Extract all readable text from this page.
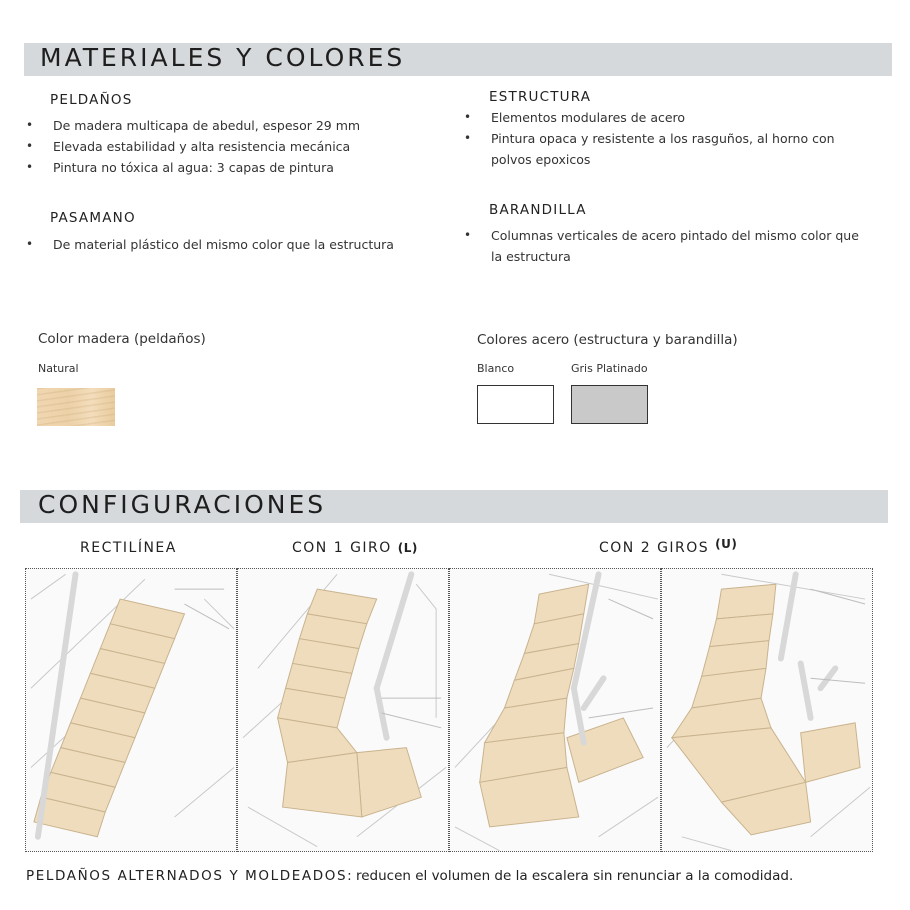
MATERIALES Y COLORES
PELDAÑOS
• De madera multicapa de abedul, espesor 29 mm
• Elevada estabilidad y alta resistencia mecánica
• Pintura no tóxica al agua: 3 capas de pintura
PASAMANO
• De material plástico del mismo color que la estructura
ESTRUCTURA
• Elementos modulares de acero
• Pintura opaca y resistente a los rasguños, al horno con polvos epoxicos
BARANDILLA
• Columnas verticales de acero pintado del mismo color que la estructura
Color madera (peldaños)
Natural
Colores acero (estructura y barandilla)
Blanco	Gris Platinado
CONFIGURACIONES
RECTILÍNEA	CON 1 GIRO (L)	CON 2 GIROS (U)
PELDAÑOS ALTERNADOS Y MOLDEADOS: reducen el volumen de la escalera sin renunciar a la comodidad.
